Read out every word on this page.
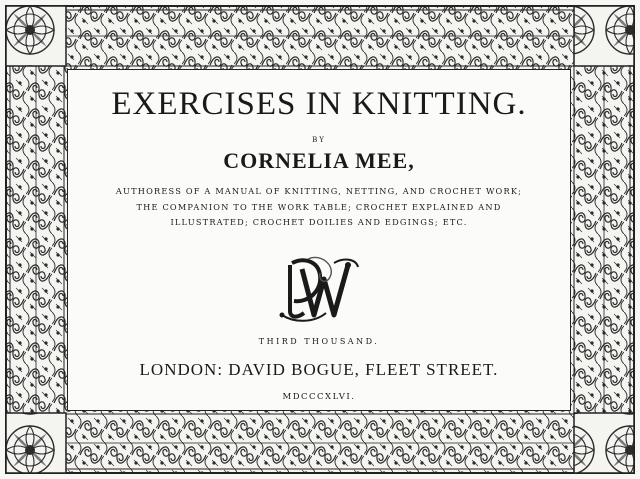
EXERCISES IN KNITTING.

BY

CORNELIA MEE,

AUTHORESS OF A MANUAL OF KNITTING, NETTING, AND CROCHET WORK;
THE COMPANION TO THE WORK TABLE; CROCHET EXPLAINED AND
ILLUSTRATED; CROCHET DOILIES AND EDGINGS; ETC.

THIRD THOUSAND.

LONDON: DAVID BOGUE, FLEET STREET.

MDCCCXLVI.
